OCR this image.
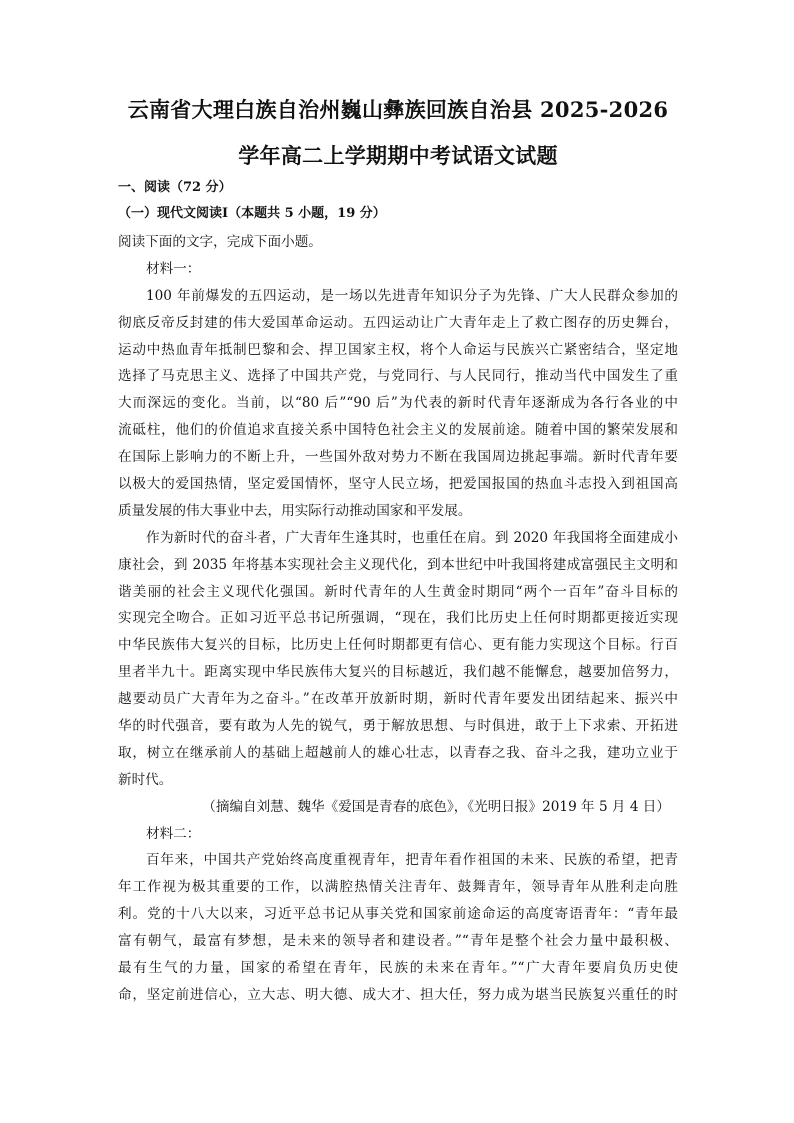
云南省大理白族自治州巍山彝族回族自治县 2025-2026
学年高二上学期期中考试语文试题
一、阅读（72 分）
（一）现代文阅读Ⅰ（本题共 5 小题，19 分）
阅读下面的文字，完成下面小题。
材料一：
100 年前爆发的五四运动，是一场以先进青年知识分子为先锋、广大人民群众参加的
彻底反帝反封建的伟大爱国革命运动。五四运动让广大青年走上了救亡图存的历史舞台，
运动中热血青年抵制巴黎和会、捍卫国家主权，将个人命运与民族兴亡紧密结合，坚定地
选择了马克思主义、选择了中国共产党，与党同行、与人民同行，推动当代中国发生了重
大而深远的变化。当前，以“80 后”“90 后”为代表的新时代青年逐渐成为各行各业的中
流砥柱，他们的价值追求直接关系中国特色社会主义的发展前途。随着中国的繁荣发展和
在国际上影响力的不断上升，一些国外敌对势力不断在我国周边挑起事端。新时代青年要
以极大的爱国热情，坚定爱国情怀，坚守人民立场，把爱国报国的热血斗志投入到祖国高
质量发展的伟大事业中去，用实际行动推动国家和平发展。
作为新时代的奋斗者，广大青年生逢其时，也重任在肩。到 2020 年我国将全面建成小
康社会，到 2035 年将基本实现社会主义现代化，到本世纪中叶我国将建成富强民主文明和
谐美丽的社会主义现代化强国。新时代青年的人生黄金时期同“两个一百年”奋斗目标的
实现完全吻合。正如习近平总书记所强调，“现在，我们比历史上任何时期都更接近实现
中华民族伟大复兴的目标，比历史上任何时期都更有信心、更有能力实现这个目标。行百
里者半九十。距离实现中华民族伟大复兴的目标越近，我们越不能懈怠，越要加倍努力，
越要动员广大青年为之奋斗。”在改革开放新时期，新时代青年要发出团结起来、振兴中
华的时代强音，要有敢为人先的锐气，勇于解放思想、与时俱进，敢于上下求索、开拓进
取，树立在继承前人的基础上超越前人的雄心壮志，以青春之我、奋斗之我，建功立业于
新时代。
（摘编自刘慧、魏华《爱国是青春的底色》，《光明日报》2019 年 5 月 4 日）
材料二：
百年来，中国共产党始终高度重视青年，把青年看作祖国的未来、民族的希望，把青
年工作视为极其重要的工作，以满腔热情关注青年、鼓舞青年，领导青年从胜利走向胜
利。党的十八大以来，习近平总书记从事关党和国家前途命运的高度寄语青年：“青年最
富有朝气，最富有梦想，是未来的领导者和建设者。”“青年是整个社会力量中最积极、
最有生气的力量，国家的希望在青年，民族的未来在青年。”“广大青年要肩负历史使
命，坚定前进信心，立大志、明大德、成大才、担大任，努力成为堪当民族复兴重任的时
